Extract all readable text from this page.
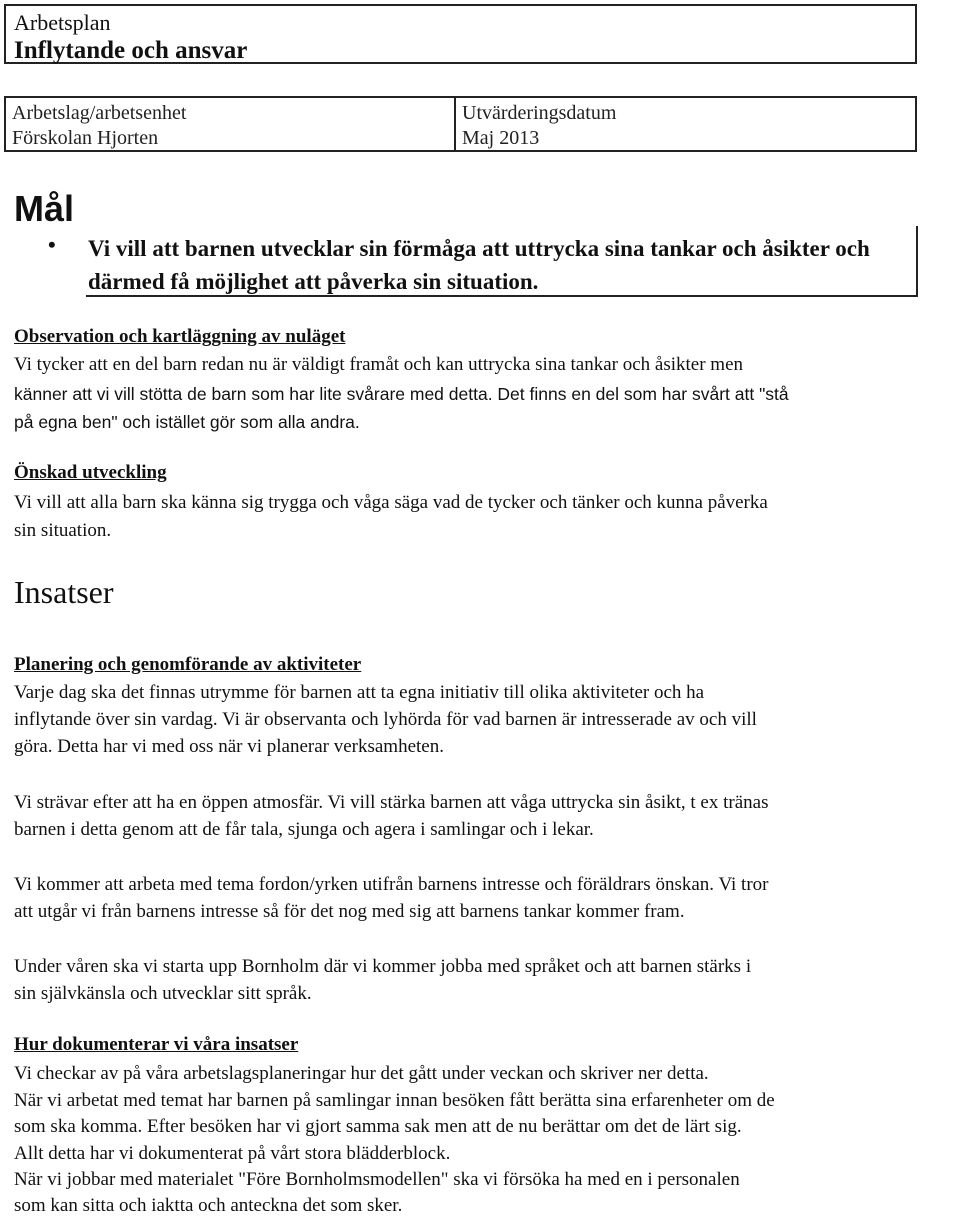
Arbetsplan
Inflytande och ansvar
Arbetslag/arbetsenhet
Förskolan Hjorten
Utvärderingsdatum
Maj 2013
Mål
• Vi vill att barnen utvecklar sin förmåga att uttrycka sina tankar och åsikter och därmed få möjlighet att påverka sin situation.
Observation och kartläggning av nuläget
Vi tycker att en del barn redan nu är väldigt framåt och kan uttrycka sina tankar och åsikter men
känner att vi vill stötta de barn som har lite svårare med detta. Det finns en del som har svårt att "stå
på egna ben" och istället gör som alla andra.
Önskad utveckling
Vi vill att alla barn ska känna sig trygga och våga säga vad de tycker och tänker och kunna påverka
sin situation.
Insatser
Planering och genomförande av aktiviteter
Varje dag ska det finnas utrymme för barnen att ta egna initiativ till olika aktiviteter och ha
inflytande över sin vardag. Vi är observanta och lyhörda för vad barnen är intresserade av och vill
göra. Detta har vi med oss när vi planerar verksamheten.
Vi strävar efter att ha en öppen atmosfär. Vi vill stärka barnen att våga uttrycka sin åsikt, t ex tränas
barnen i detta genom att de får tala, sjunga och agera i samlingar och i lekar.
Vi kommer att arbeta med tema fordon/yrken utifrån barnens intresse och föräldrars önskan. Vi tror
att utgår vi från barnens intresse så för det nog med sig att barnens tankar kommer fram.
Under våren ska vi starta upp Bornholm där vi kommer jobba med språket och att barnen stärks i
sin självkänsla och utvecklar sitt språk.
Hur dokumenterar vi våra insatser
Vi checkar av på våra arbetslagsplaneringar hur det gått under veckan och skriver ner detta.
När vi arbetat med temat har barnen på samlingar innan besöken fått berätta sina erfarenheter om de
som ska komma. Efter besöken har vi gjort samma sak men att de nu berättar om det de lärt sig.
Allt detta har vi dokumenterat på vårt stora blädderblock.
När vi jobbar med materialet "Före Bornholmsmodellen" ska vi försöka ha med en i personalen
som kan sitta och iaktta och anteckna det som sker.
